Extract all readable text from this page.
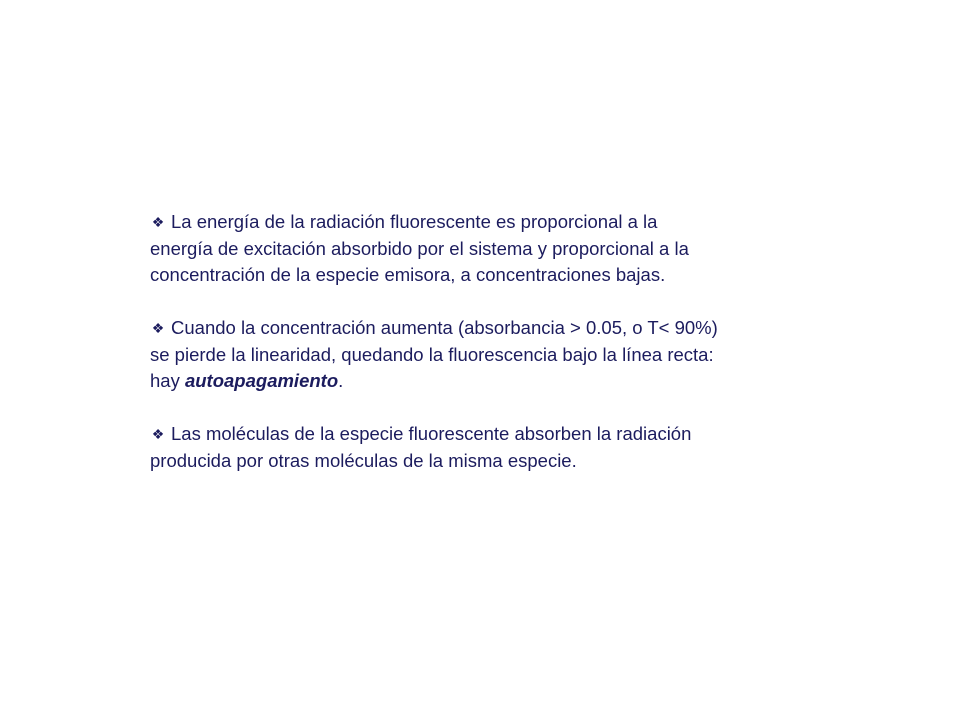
❖ La energía de la radiación fluorescente es proporcional a la
energía de excitación absorbido por el sistema y proporcional a la
concentración de la especie emisora, a concentraciones bajas.

❖ Cuando la concentración aumenta (absorbancia > 0.05, o T< 90%)
se pierde la linearidad, quedando la fluorescencia bajo la línea recta:
hay autoapagamiento.

❖ Las moléculas de la especie fluorescente absorben la radiación
producida por otras moléculas de la misma especie.
